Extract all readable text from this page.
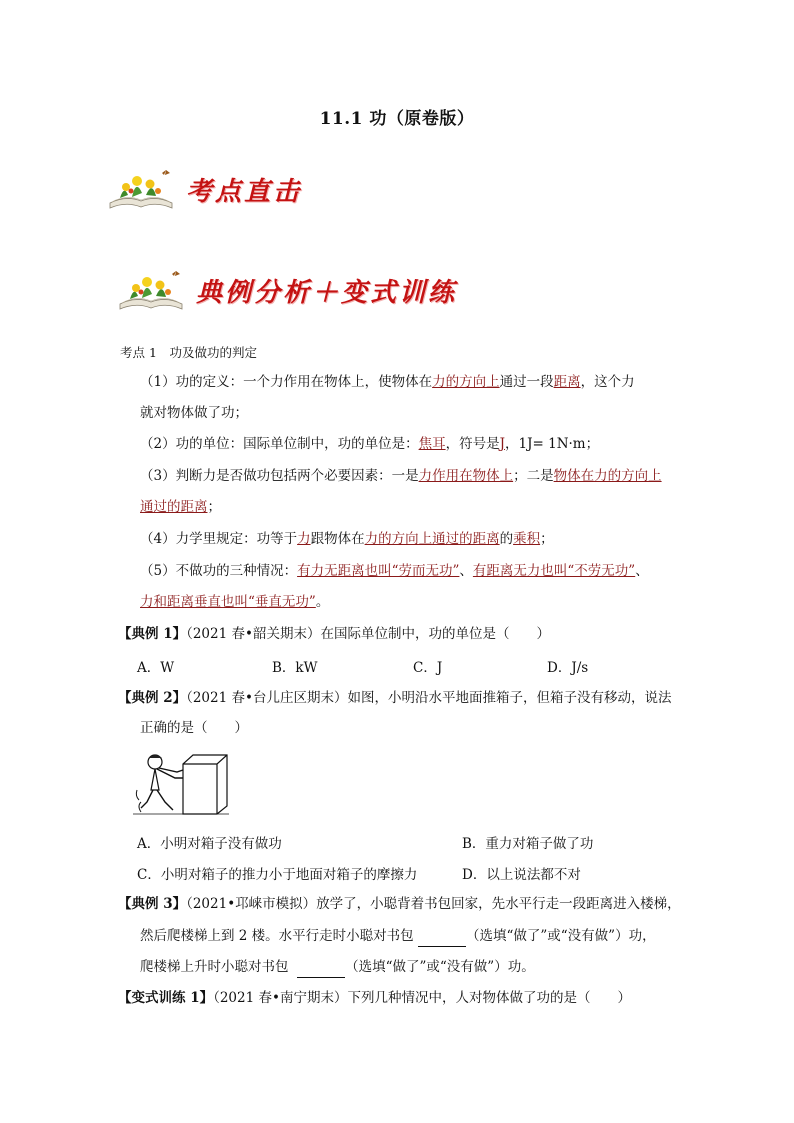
11.1 功（原卷版）
考点直击
典例分析＋变式训练
考点 1　 功及做功的判定
（1）功的定义：一个力作用在物体上，使物体在力的方向上通过一段距离，这个力
就对物体做了功；
（2）功的单位：国际单位制中，功的单位是：焦耳，符号是J，1J= 1N·m；
（3）判断力是否做功包括两个必要因素：一是力作用在物体上；二是物体在力的方向上
通过的距离；
（4）力学里规定：功等于力跟物体在力的方向上通过的距离的乘积；
（5）不做功的三种情况：有力无距离也叫“劳而无功”、有距离无力也叫“不劳无功”、
力和距离垂直也叫“垂直无功”。
【典例 1】（2021 春•韶关期末）在国际单位制中，功的单位是（　　）
A．W	B．kW	C．J	D．J/s
【典例 2】（2021 春•台儿庄区期末）如图，小明沿水平地面推箱子，但箱子没有移动，说法
正确的是（　　）
A．小明对箱子没有做功	B．重力对箱子做了功
C．小明对箱子的推力小于地面对箱子的摩擦力	D．以上说法都不对
【典例 3】（2021•邛崃市模拟）放学了，小聪背着书包回家，先水平行走一段距离进入楼梯，
然后爬楼梯上到 2 楼。水平行走时小聪对书包	（选填“做了”或“没有做”）功，
爬楼梯上升时小聪对书包	（选填“做了”或“没有做”）功。
【变式训练 1】（2021 春•南宁期末）下列几种情况中，人对物体做了功的是（　　）
